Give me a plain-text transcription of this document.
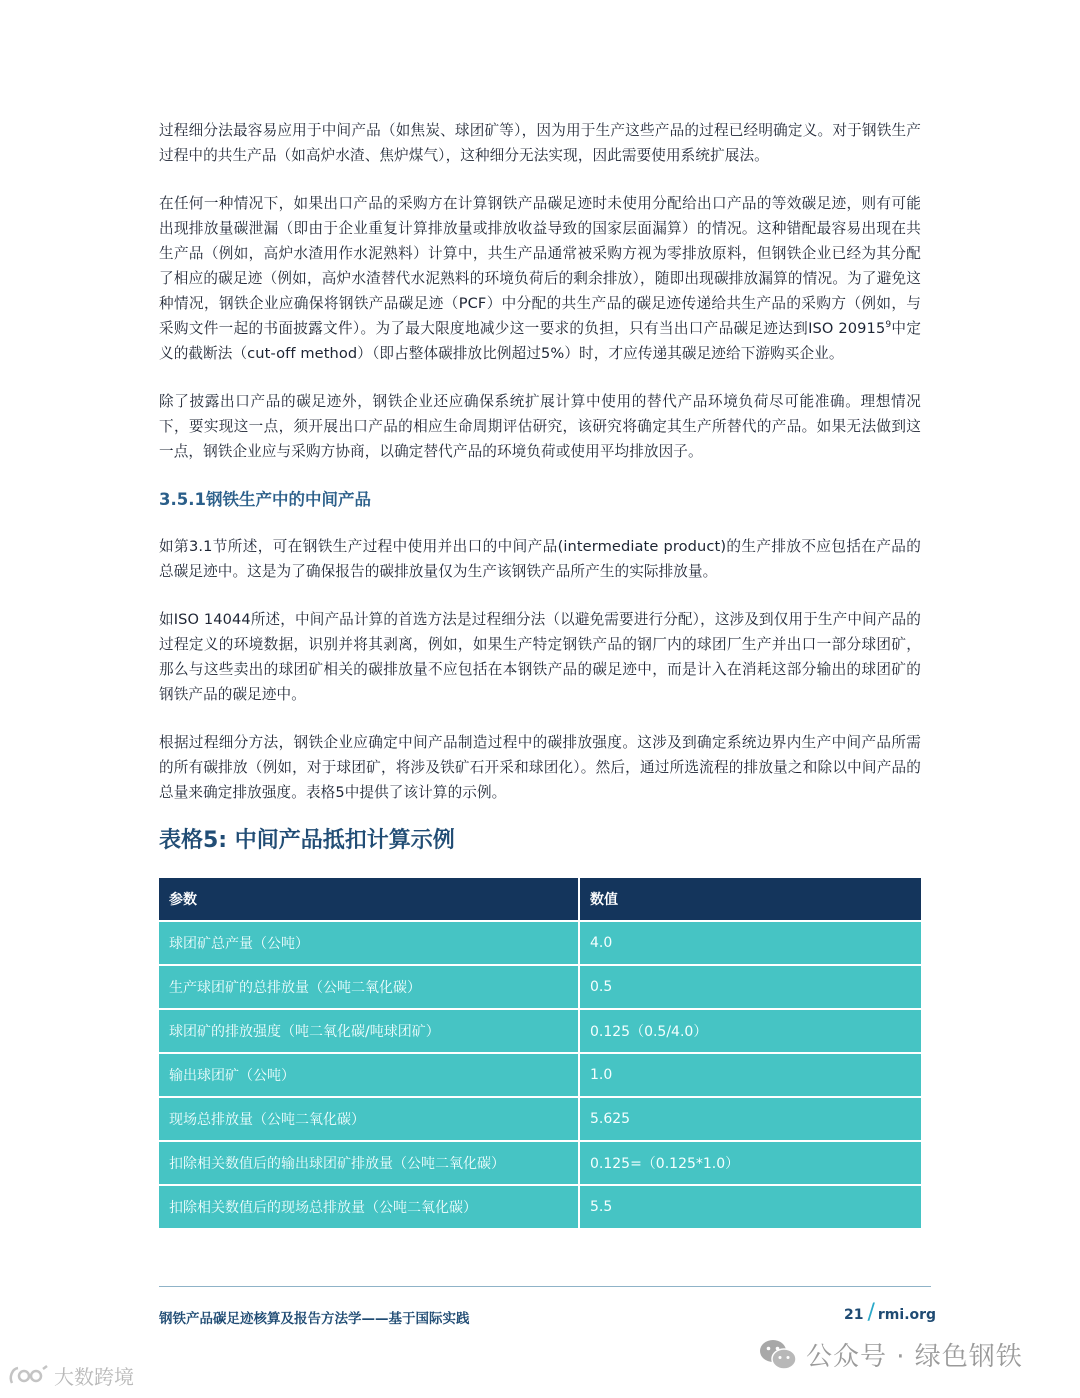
过程细分法最容易应用于中间产品（如焦炭、球团矿等），因为用于生产这些产品的过程已经明确定义。对于钢铁生产过程中的共生产品（如高炉水渣、焦炉煤气），这种细分无法实现，因此需要使用系统扩展法。

在任何一种情况下，如果出口产品的采购方在计算钢铁产品碳足迹时未使用分配给出口产品的等效碳足迹，则有可能出现排放量碳泄漏（即由于企业重复计算排放量或排放收益导致的国家层面漏算）的情况。这种错配最容易出现在共生产品（例如，高炉水渣用作水泥熟料）计算中，共生产品通常被采购方视为零排放原料，但钢铁企业已经为其分配了相应的碳足迹（例如，高炉水渣替代水泥熟料的环境负荷后的剩余排放），随即出现碳排放漏算的情况。为了避免这种情况，钢铁企业应确保将钢铁产品碳足迹（PCF）中分配的共生产品的碳足迹传递给共生产品的采购方（例如，与采购文件一起的书面披露文件）。为了最大限度地减少这一要求的负担，只有当出口产品碳足迹达到ISO 20915$^9$中定义的截断法（cut-off method）（即占整体碳排放比例超过5%）时，才应传递其碳足迹给下游购买企业。

除了披露出口产品的碳足迹外，钢铁企业还应确保系统扩展计算中使用的替代产品环境负荷尽可能准确。理想情况下，要实现这一点，须开展出口产品的相应生命周期评估研究，该研究将确定其生产所替代的产品。如果无法做到这一点，钢铁企业应与采购方协商，以确定替代产品的环境负荷或使用平均排放因子。

3.5.1钢铁生产中的中间产品

如第3.1节所述，可在钢铁生产过程中使用并出口的中间产品(intermediate product)的生产排放不应包括在产品的总碳足迹中。这是为了确保报告的碳排放量仅为生产该钢铁产品所产生的实际排放量。

如ISO 14044所述，中间产品计算的首选方法是过程细分法（以避免需要进行分配），这涉及到仅用于生产中间产品的过程定义的环境数据，识别并将其剥离，例如，如果生产特定钢铁产品的钢厂内的球团厂生产并出口一部分球团矿，那么与这些卖出的球团矿相关的碳排放量不应包括在本钢铁产品的碳足迹中，而是计入在消耗这部分输出的球团矿的钢铁产品的碳足迹中。

根据过程细分方法，钢铁企业应确定中间产品制造过程中的碳排放强度。这涉及到确定系统边界内生产中间产品所需的所有碳排放（例如，对于球团矿，将涉及铁矿石开采和球团化）。然后，通过所选流程的排放量之和除以中间产品的总量来确定排放强度。表格5中提供了该计算的示例。

表格5: 中间产品抵扣计算示例
参数	数值
球团矿总产量（公吨）	4.0
生产球团矿的总排放量（公吨二氧化碳）	0.5
球团矿的排放强度（吨二氧化碳/吨球团矿）	0.125（0.5/4.0）
输出球团矿（公吨）	1.0
现场总排放量（公吨二氧化碳）	5.625
扣除相关数值后的输出球团矿排放量（公吨二氧化碳）	0.125=（0.125*1.0）
扣除相关数值后的现场总排放量（公吨二氧化碳）	5.5
钢铁产品碳足迹核算及报告方法学——基于国际实践	21 / rmi.org
公众号 · 绿色钢铁
大数跨境
